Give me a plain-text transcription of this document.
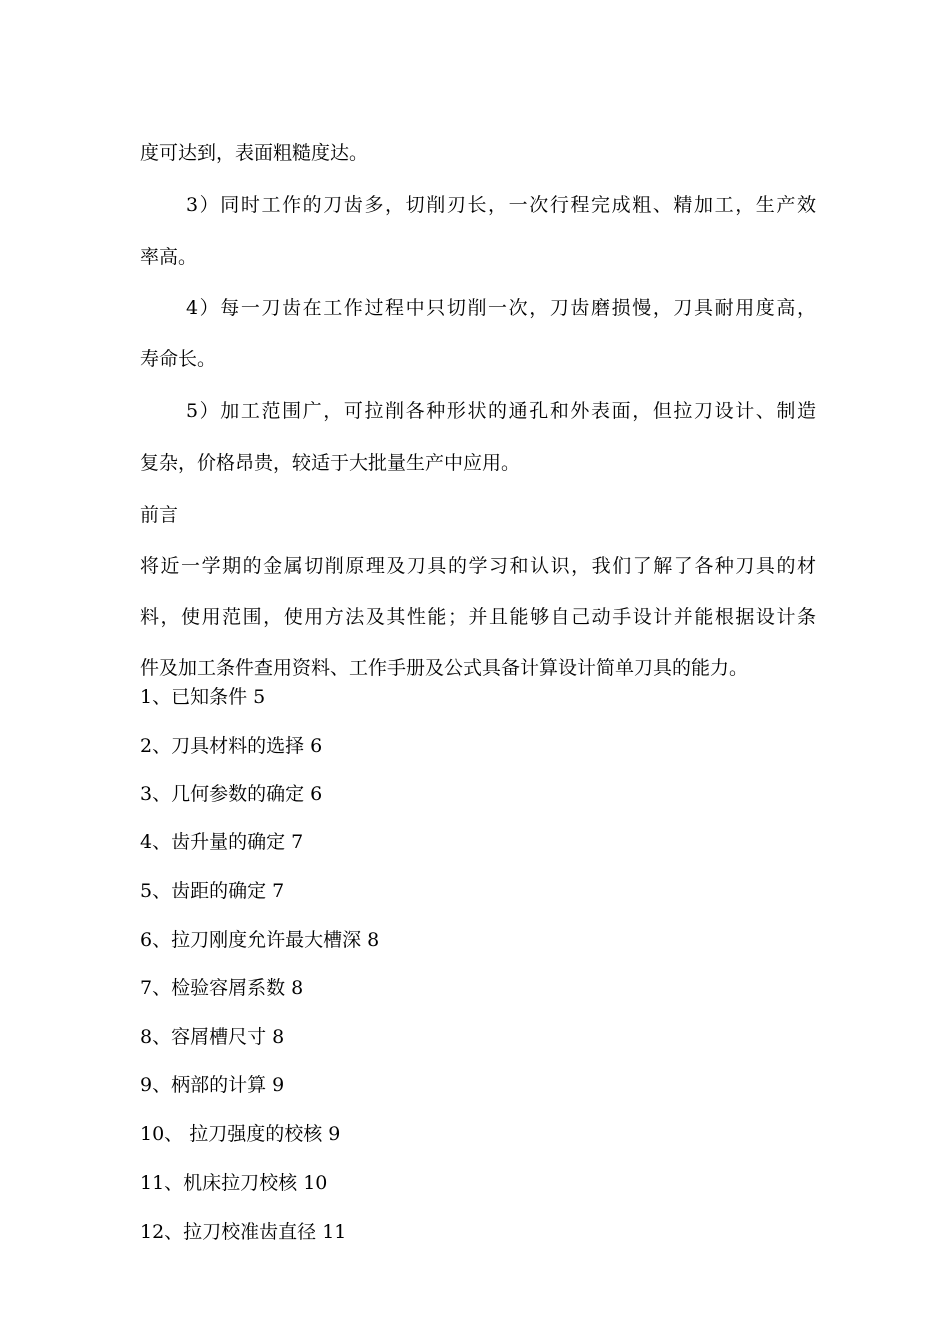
度可达到，表面粗糙度达。
3）同时工作的刀齿多，切削刃长，一次行程完成粗、精加工，生产效
率高。
4）每一刀齿在工作过程中只切削一次，刀齿磨损慢，刀具耐用度高，
寿命长。
5）加工范围广，可拉削各种形状的通孔和外表面，但拉刀设计、制造
复杂，价格昂贵，较适于大批量生产中应用。
前言
将近一学期的金属切削原理及刀具的学习和认识，我们了解了各种刀具的材
料，使用范围，使用方法及其性能；并且能够自己动手设计并能根据设计条
件及加工条件查用资料、工作手册及公式具备计算设计简单刀具的能力。
1、已知条件 5
2、刀具材料的选择 6
3、几何参数的确定 6
4、齿升量的确定 7
5、齿距的确定 7
6、拉刀刚度允许最大槽深 8
7、检验容屑系数 8
8、容屑槽尺寸 8
9、柄部的计算 9
10、 拉刀强度的校核 9
11、机床拉刀校核 10
12、拉刀校准齿直径 11
